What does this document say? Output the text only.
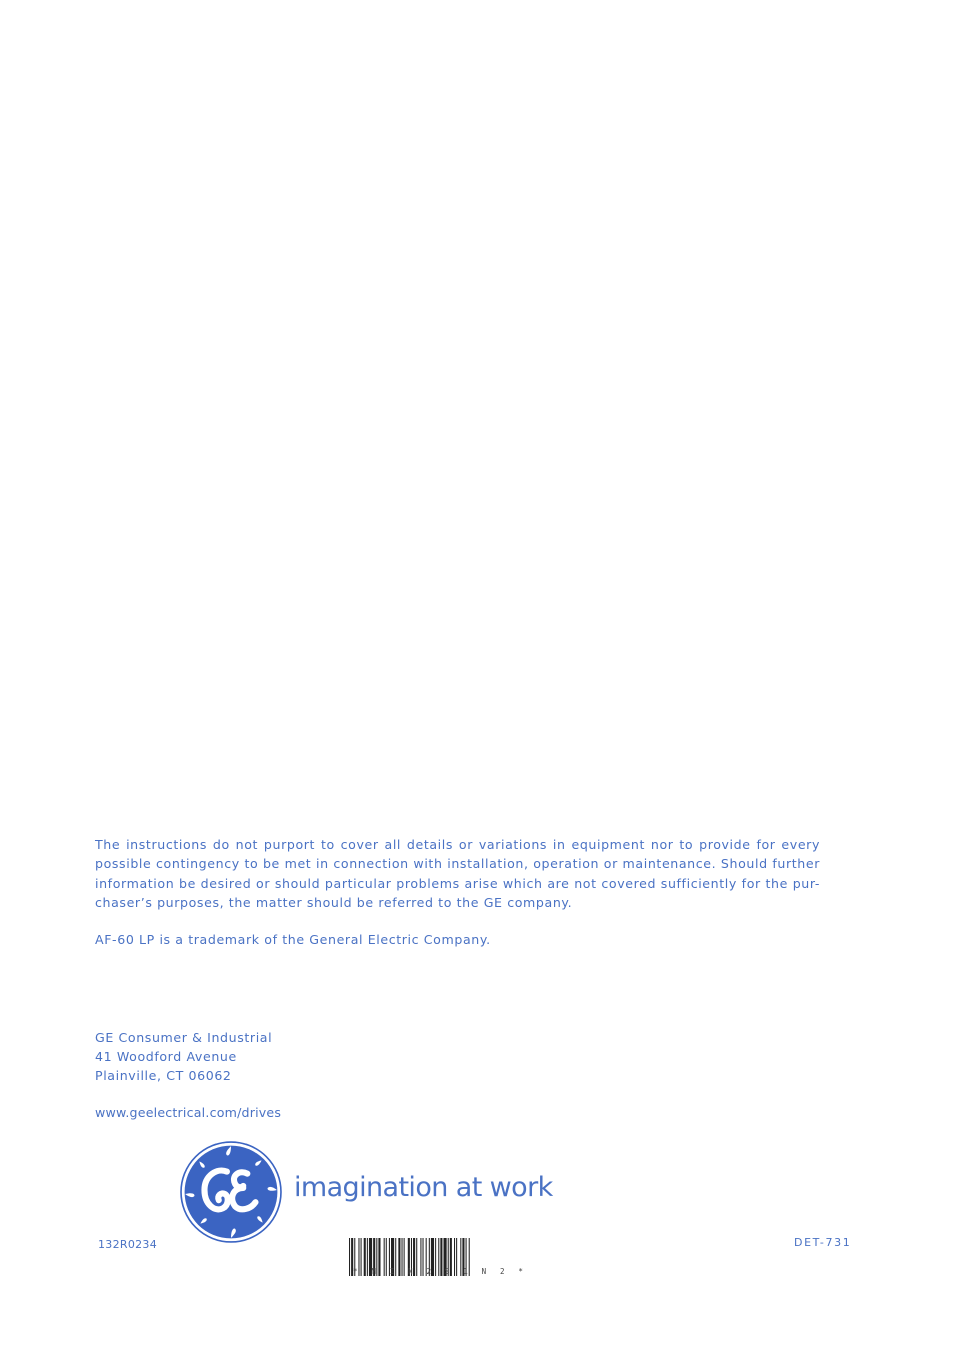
The instructions do not purport to cover all details or variations in equipment nor to provide for every
possible contingency to be met in connection with installation, operation or maintenance. Should further
information be desired or should particular problems arise which are not covered sufficiently for the pur-
chaser’s purposes, the matter should be referred to the GE company.

AF-60 LP is a trademark of the General Electric Company.

GE Consumer & Industrial
41 Woodford Avenue
Plainville, CT 06062
www.geelectrical.com/drives
imagination at work
132R0234	DET-731
* M I N 2 S 1 N 2 *
